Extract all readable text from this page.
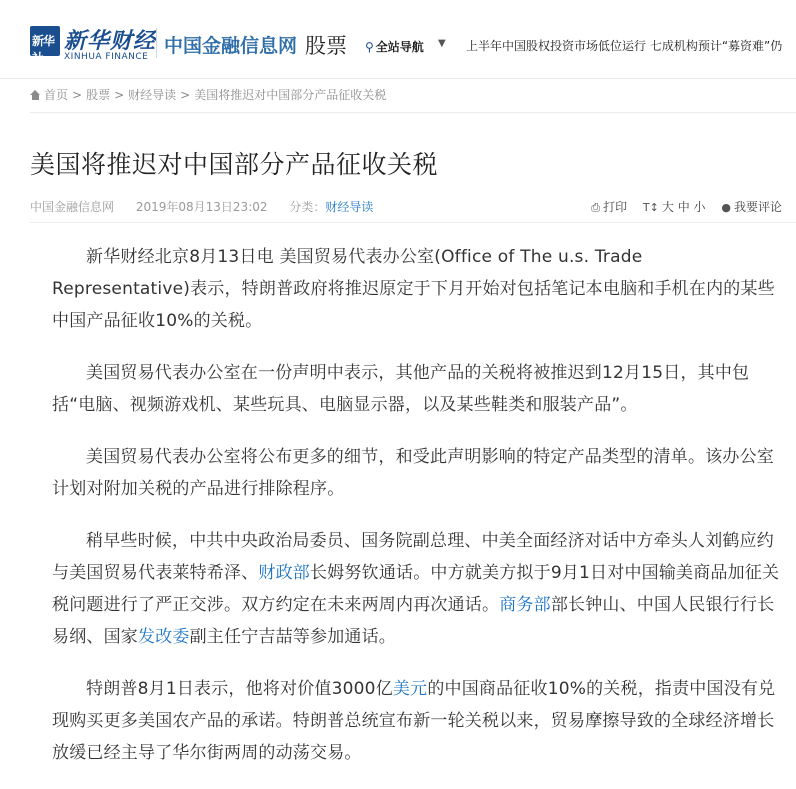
新华社
新华财经
XINHUA FINANCE 中国金融信息网 股票 ⚲ 全站导航 ▼ 上半年中国股权投资市场低位运行 七成机构预计“募资难”仍
首页 > 股票 > 财经导读 > 美国将推迟对中国部分产品征收关税
美国将推迟对中国部分产品征收关税
中国金融信息网 2019年08月13日23:02 分类：财经导读	⎙ 打印 T↕ 大 中 小 ● 我要评论

新华财经北京8月13日电 美国贸易代表办公室(Office of The u.s. Trade Representative)表示，特朗普政府将推迟原定于下月开始对包括笔记本电脑和手机在内的某些中国产品征收10%的关税。

美国贸易代表办公室在一份声明中表示，其他产品的关税将被推迟到12月15日，其中包括“电脑、视频游戏机、某些玩具、电脑显示器，以及某些鞋类和服装产品”。

美国贸易代表办公室将公布更多的细节，和受此声明影响的特定产品类型的清单。该办公室计划对附加关税的产品进行排除程序。

稍早些时候，中共中央政治局委员、国务院副总理、中美全面经济对话中方牵头人刘鹤应约与美国贸易代表莱特希泽、财政部长姆努钦通话。中方就美方拟于9月1日对中国输美商品加征关税问题进行了严正交涉。双方约定在未来两周内再次通话。商务部部长钟山、中国人民银行行长易纲、国家发改委副主任宁吉喆等参加通话。

特朗普8月1日表示，他将对价值3000亿美元的中国商品征收10%的关税，指责中国没有兑现购买更多美国农产品的承诺。特朗普总统宣布新一轮关税以来，贸易摩擦导致的全球经济增长放缓已经主导了华尔街两周的动荡交易。
